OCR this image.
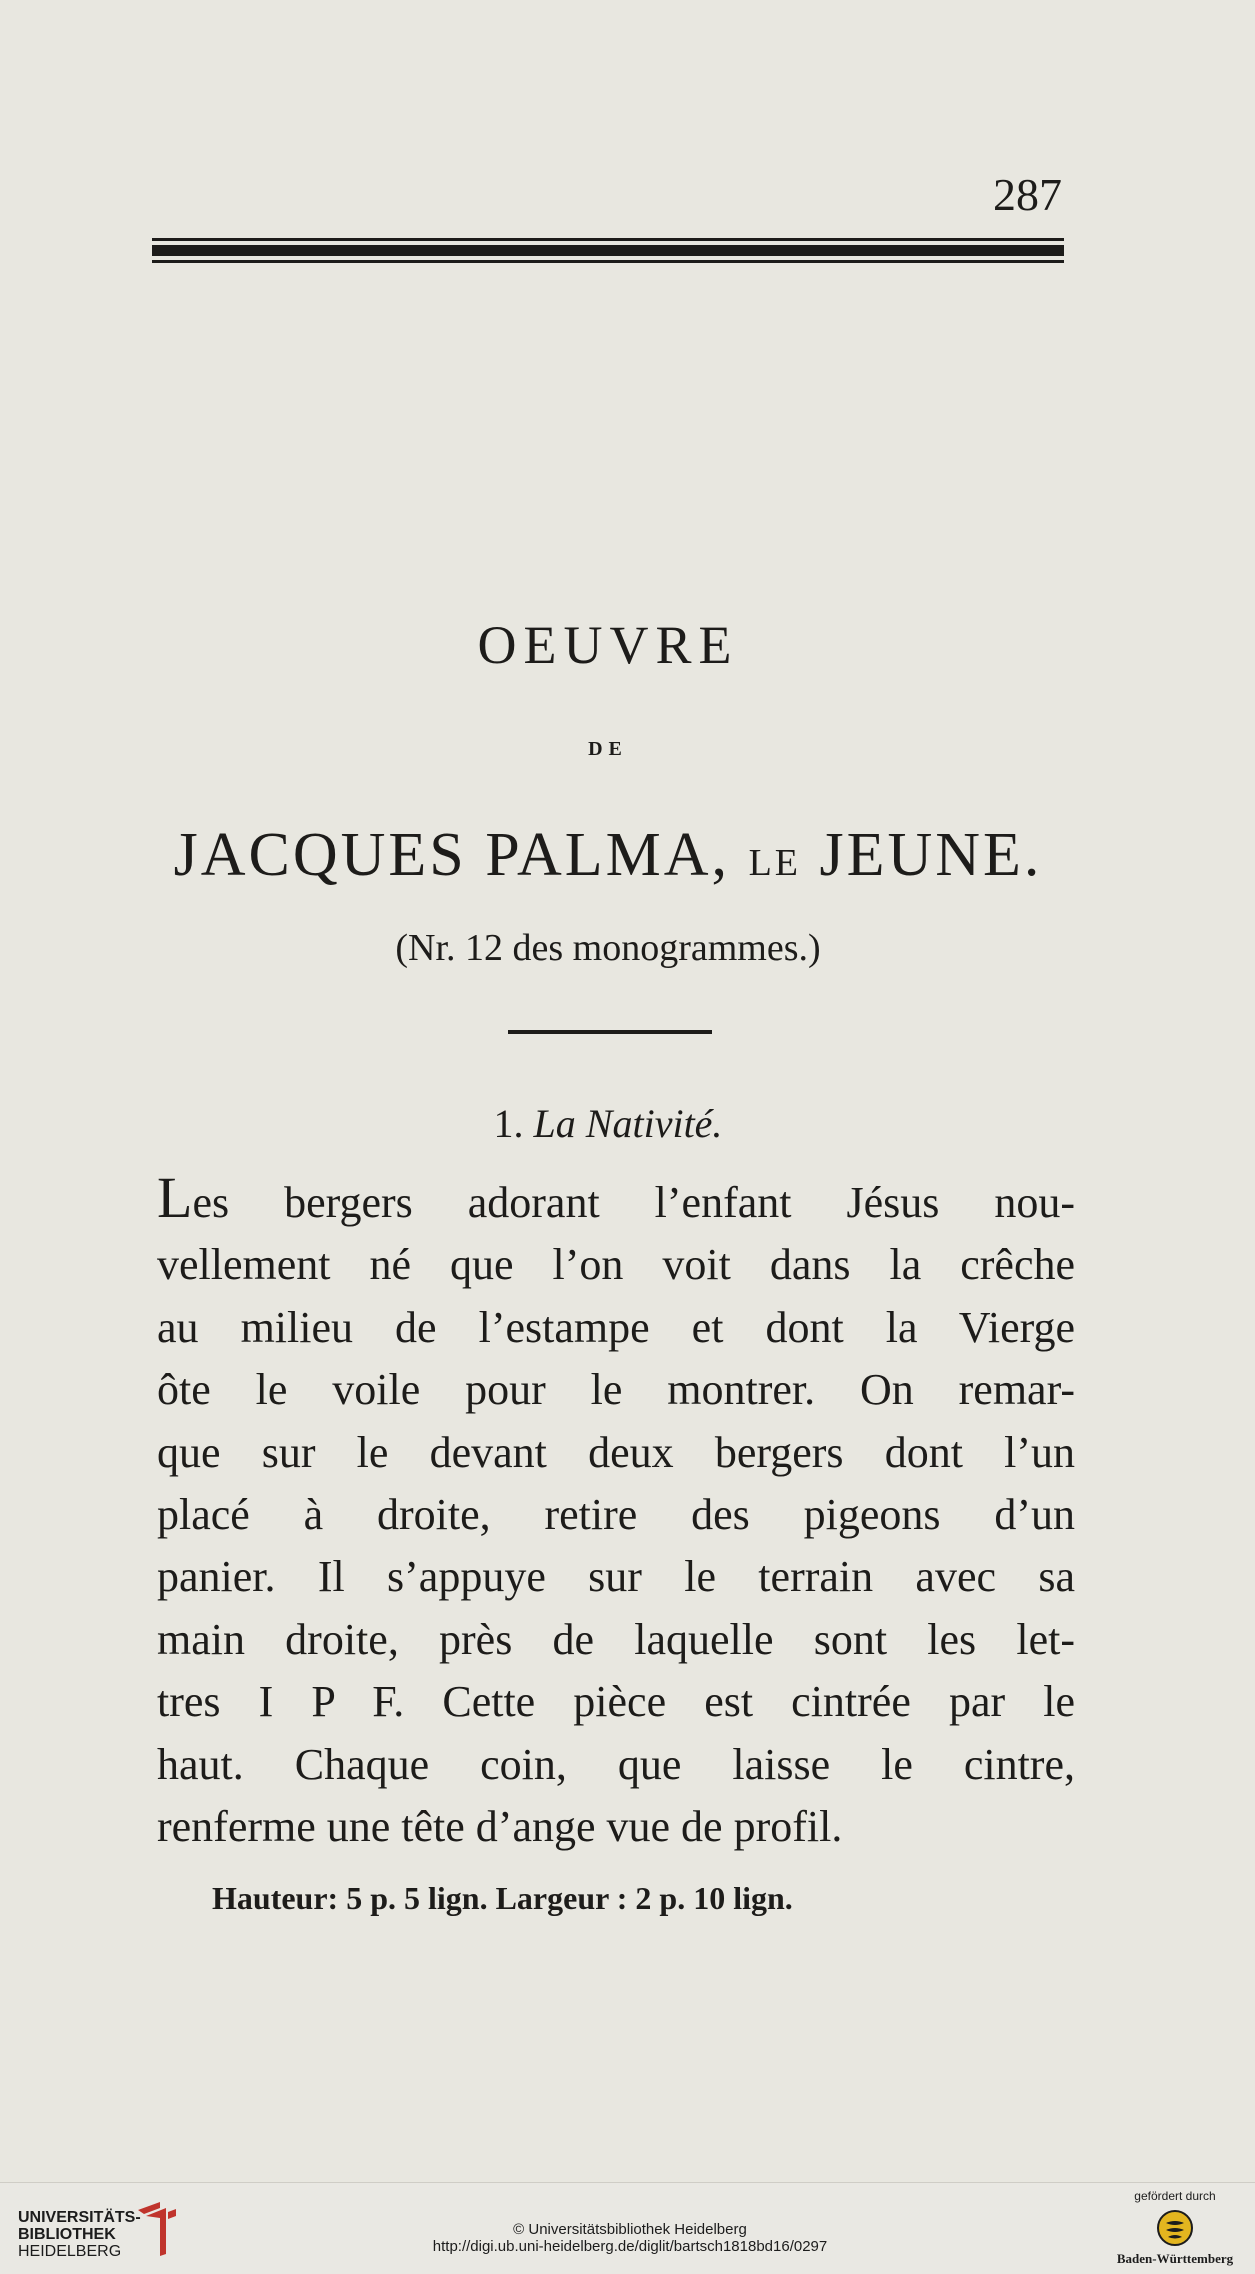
287
OEUVRE
DE
JACQUES PALMA, LE JEUNE.
(Nr. 12 des monogrammes.)
1. La Nativité.
Les bergers adorant l’enfant Jésus nou-
vellement né que l’on voit dans la crêche
au milieu de l’estampe et dont la Vierge
ôte le voile pour le montrer. On remar-
que sur le devant deux bergers dont l’un
placé à droite, retire des pigeons d’un
panier. Il s’appuye sur le terrain avec sa
main droite, près de laquelle sont les let-
tres I P F. Cette pièce est cintrée par le
haut. Chaque coin, que laisse le cintre,
renferme une tête d’ange vue de profil.
Hauteur: 5 p. 5 lign. Largeur : 2 p. 10 lign.
UNIVERSITÄTS-
BIBLIOTHEK
HEIDELBERG
© Universitätsbibliothek Heidelberg
http://digi.ub.uni-heidelberg.de/diglit/bartsch1818bd16/0297
gefördert durch
Baden-Württemberg
